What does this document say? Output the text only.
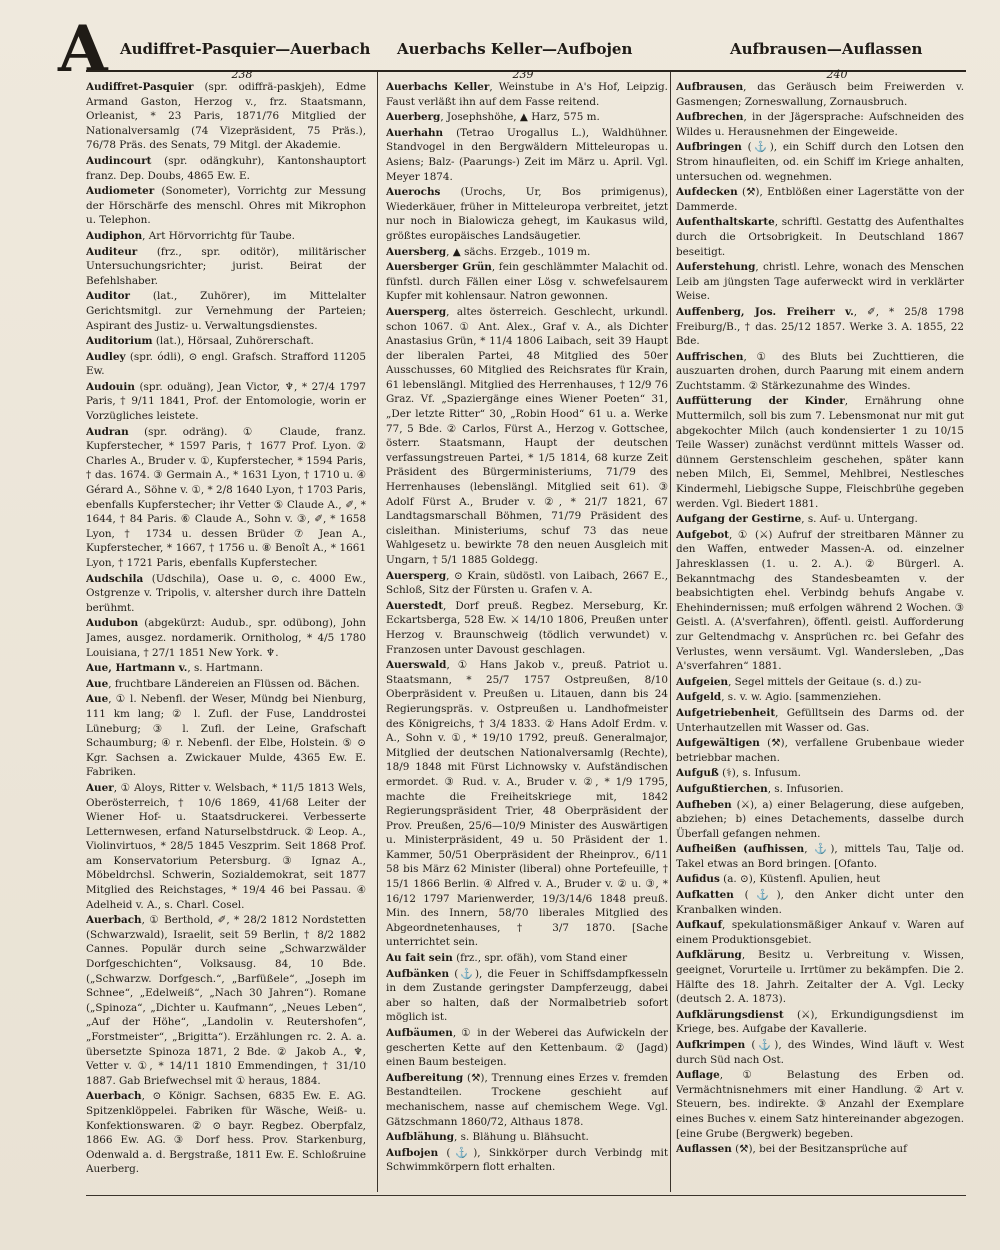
A Audiffret-Pasquier—Auerbach Auerbachs Keller—Aufbojen	Aufbrausen—Auflassen
238	239	240

Audiffret-Pasquier (spr. odiffrä-paskjeh), Edme Armand Gaston, Herzog v., frz. Staatsmann, Orleanist, * 23 Paris, 1871/76 Mitglied der Nationalversamlg (74 Vizepräsident, 75 Präs.), 76/78 Präs. des Senats, 79 Mitgl. der Akademie.

Audincourt (spr. odängkuhr), Kantonshauptort franz. Dep. Doubs, 4865 Ew. E.

Audiometer (Sonometer), Vorrichtg zur Messung der Hörschärfe des menschl. Ohres mit Mikrophon u. Telephon.

Audiphon, Art Hörvorrichtg für Taube.

Auditeur (frz., spr. oditör), militärischer Untersuchungsrichter; jurist. Beirat der Befehlshaber.

Auditor (lat., Zuhörer), im Mittelalter Gerichtsmitgl. zur Vernehmung der Parteien; Aspirant des Justiz- u. Verwaltungsdienstes.

Auditorium (lat.), Hörsaal, Zuhörerschaft.

Audley (spr. ódli), ⊙ engl. Grafsch. Strafford 11205 Ew.

Audouin (spr. oduäng), Jean Victor, ♆, * 27/4 1797 Paris, † 9/11 1841, Prof. der Entomologie, worin er Vorzügliches leistete.

Audran (spr. odräng). ① Claude, franz. Kupferstecher, * 1597 Paris, † 1677 Prof. Lyon. ② Charles A., Bruder v. ①, Kupferstecher, * 1594 Paris, † das. 1674. ③ Germain A., * 1631 Lyon, † 1710 u. ④ Gérard A., Söhne v. ①, * 2/8 1640 Lyon, † 1703 Paris, ebenfalls Kupferstecher; ihr Vetter ⑤ Claude A., ✐, * 1644, † 84 Paris. ⑥ Claude A., Sohn v. ③, ✐, * 1658 Lyon, † 1734 u. dessen Brüder ⑦ Jean A., Kupferstecher, * 1667, † 1756 u. ⑧ Benoît A., * 1661 Lyon, † 1721 Paris, ebenfalls Kupferstecher.

Audschila (Udschila), Oase u. ⊙, c. 4000 Ew., Ostgrenze v. Tripolis, v. altersher durch ihre Datteln berühmt.

Audubon (abgekürzt: Audub., spr. odübong), John James, ausgez. nordamerik. Ornitholog, * 4/5 1780 Louisiana, † 27/1 1851 New York. ♆.

Aue, Hartmann v., s. Hartmann.

Aue, fruchtbare Ländereien an Flüssen od. Bächen.

Aue, ① l. Nebenfl. der Weser, Mündg bei Nienburg, 111 km lang; ② l. Zufl. der Fuse, Landdrostei Lüneburg; ③ l. Zufl. der Leine, Grafschaft Schaumburg; ④ r. Nebenfl. der Elbe, Holstein. ⑤ ⊙ Kgr. Sachsen a. Zwickauer Mulde, 4365 Ew. E. Fabriken.

Auer, ① Aloys, Ritter v. Welsbach, * 11/5 1813 Wels, Oberösterreich, † 10/6 1869, 41/68 Leiter der Wiener Hof- u. Staatsdruckerei. Verbesserte Letternwesen, erfand Naturselbstdruck. ② Leop. A., Violinvirtuos, * 28/5 1845 Veszprim. Seit 1868 Prof. am Konservatorium Petersburg. ③ Ignaz A., Möbeldrchsl. Schwerin, Sozialdemokrat, seit 1877 Mitglied des Reichstages, * 19/4 46 bei Passau. ④ Adelheid v. A., s. Charl. Cosel.

Auerbach, ① Berthold, ✐, * 28/2 1812 Nordstetten (Schwarzwald), Israelit, seit 59 Berlin, † 8/2 1882 Cannes. Populär durch seine „Schwarzwälder Dorfgeschichten“, Volksausg. 84, 10 Bde. („Schwarzw. Dorfgesch.“, „Barfüßele“, „Joseph im Schnee“, „Edelweiß“, „Nach 30 Jahren“). Romane („Spinoza“, „Dichter u. Kaufmann“, „Neues Leben“, „Auf der Höhe“, „Landolin v. Reutershofen“, „Forstmeister“, „Brigitta“). Erzählungen rc. 2. A. a. übersetzte Spinoza 1871, 2 Bde. ② Jakob A., ♆, Vetter v. ①, * 14/11 1810 Emmendingen, † 31/10 1887. Gab Briefwechsel mit ① heraus, 1884.

Auerbach, ⊙ Königr. Sachsen, 6835 Ew. E. AG. Spitzenklöppelei. Fabriken für Wäsche, Weiß- u. Konfektionswaren. ② ⊙ bayr. Regbez. Oberpfalz, 1866 Ew. AG. ③ Dorf hess. Prov. Starkenburg, Odenwald a. d. Bergstraße, 1811 Ew. E. Schloßruine Auerberg.

Auerbachs Keller, Weinstube in A's Hof, Leipzig. Faust verläßt ihn auf dem Fasse reitend.

Auerberg, Josephshöhe, ▲ Harz, 575 m.

Auerhahn (Tetrao Urogallus L.), Waldhühner. Standvogel in den Bergwäldern Mitteleuropas u. Asiens; Balz- (Paarungs-) Zeit im März u. April. Vgl. Meyer 1874.

Auerochs (Urochs, Ur, Bos primigenus), Wiederkäuer, früher in Mitteleuropa verbreitet, jetzt nur noch in Bialowicza gehegt, im Kaukasus wild, größtes europäisches Landsäugetier.

Auersberg, ▲ sächs. Erzgeb., 1019 m.

Auersberger Grün, fein geschlämmter Malachit od. fünfstl. durch Fällen einer Lösg v. schwefelsaurem Kupfer mit kohlensaur. Natron gewonnen.

Auersperg, altes österreich. Geschlecht, urkundl. schon 1067. ① Ant. Alex., Graf v. A., als Dichter Anastasius Grün, * 11/4 1806 Laibach, seit 39 Haupt der liberalen Partei, 48 Mitglied des 50er Ausschusses, 60 Mitglied des Reichsrates für Krain, 61 lebenslängl. Mitglied des Herrenhauses, † 12/9 76 Graz. Vf. „Spaziergänge eines Wiener Poeten“ 31, „Der letzte Ritter“ 30, „Robin Hood“ 61 u. a. Werke 77, 5 Bde. ② Carlos, Fürst A., Herzog v. Gottschee, österr. Staatsmann, Haupt der deutschen verfassungstreuen Partei, * 1/5 1814, 68 kurze Zeit Präsident des Bürgerministeriums, 71/79 des Herrenhauses (lebenslängl. Mitglied seit 61). ③ Adolf Fürst A., Bruder v. ②, * 21/7 1821, 67 Landtagsmarschall Böhmen, 71/79 Präsident des cisleithan. Ministeriums, schuf 73 das neue Wahlgesetz u. bewirkte 78 den neuen Ausgleich mit Ungarn, † 5/1 1885 Goldegg.

Auersperg, ⊙ Krain, südöstl. von Laibach, 2667 E., Schloß, Sitz der Fürsten u. Grafen v. A.

Auerstedt, Dorf preuß. Regbez. Merseburg, Kr. Eckartsberga, 528 Ew. ⚔ 14/10 1806, Preußen unter Herzog v. Braunschweig (tödlich verwundet) v. Franzosen unter Davoust geschlagen.

Auerswald, ① Hans Jakob v., preuß. Patriot u. Staatsmann, * 25/7 1757 Ostpreußen, 8/10 Oberpräsident v. Preußen u. Litauen, dann bis 24 Regierungspräs. v. Ostpreußen u. Landhofmeister des Königreichs, † 3/4 1833. ② Hans Adolf Erdm. v. A., Sohn v. ①, * 19/10 1792, preuß. Generalmajor, Mitglied der deutschen Nationalversamlg (Rechte), 18/9 1848 mit Fürst Lichnowsky v. Aufständischen ermordet. ③ Rud. v. A., Bruder v. ②, * 1/9 1795, machte die Freiheitskriege mit, 1842 Regierungspräsident Trier, 48 Oberpräsident der Prov. Preußen, 25/6—10/9 Minister des Auswärtigen u. Ministerpräsident, 49 u. 50 Präsident der 1. Kammer, 50/51 Oberpräsident der Rheinprov., 6/11 58 bis März 62 Minister (liberal) ohne Portefeuille, † 15/1 1866 Berlin. ④ Alfred v. A., Bruder v. ② u. ③, * 16/12 1797 Marienwerder, 19/3/14/6 1848 preuß. Min. des Innern, 58/70 liberales Mitglied des Abgeordnetenhauses, † 3/7 1870. [Sache unterrichtet sein.

Au fait sein (frz., spr. ofäh), vom Stand einer

Aufbänken (⚓), die Feuer in Schiffsdampfkesseln in dem Zustande geringster Dampferzeugg, dabei aber so halten, daß der Normalbetrieb sofort möglich ist.

Aufbäumen, ① in der Weberei das Aufwickeln der gescherten Kette auf den Kettenbaum. ② (Jagd) einen Baum besteigen.

Aufbereitung (⚒), Trennung eines Erzes v. fremden Bestandteilen. Trockene geschieht auf mechanischem, nasse auf chemischem Wege. Vgl. Gätzschmann 1860/72, Althaus 1878.

Aufblähung, s. Blähung u. Blähsucht.

Aufbojen (⚓), Sinkkörper durch Verbindg mit Schwimmkörpern flott erhalten.

Aufbrausen, das Geräusch beim Freiwerden v. Gasmengen; Zorneswallung, Zornausbruch.

Aufbrechen, in der Jägersprache: Aufschneiden des Wildes u. Herausnehmen der Eingeweide.

Aufbringen (⚓), ein Schiff durch den Lotsen den Strom hinaufleiten, od. ein Schiff im Kriege anhalten, untersuchen od. wegnehmen.

Aufdecken (⚒), Entblößen einer Lagerstätte von der Dammerde.

Aufenthaltskarte, schriftl. Gestattg des Aufenthaltes durch die Ortsobrigkeit. In Deutschland 1867 beseitigt.

Auferstehung, christl. Lehre, wonach des Menschen Leib am jüngsten Tage auferweckt wird in verklärter Weise.

Auffenberg, Jos. Freiherr v., ✐, * 25/8 1798 Freiburg/B., † das. 25/12 1857. Werke 3. A. 1855, 22 Bde.

Auffrischen, ① des Bluts bei Zuchttieren, die auszuarten drohen, durch Paarung mit einem andern Zuchtstamm. ② Stärkezunahme des Windes.

Auffütterung der Kinder, Ernährung ohne Muttermilch, soll bis zum 7. Lebensmonat nur mit gut abgekochter Milch (auch kondensierter 1 zu 10/15 Teile Wasser) zunächst verdünnt mittels Wasser od. dünnem Gerstenschleim geschehen, später kann neben Milch, Ei, Semmel, Mehlbrei, Nestlesches Kindermehl, Liebigsche Suppe, Fleischbrühe gegeben werden. Vgl. Biedert 1881.

Aufgang der Gestirne, s. Auf- u. Untergang.

Aufgebot, ① (⚔) Aufruf der streitbaren Männer zu den Waffen, entweder Massen-A. od. einzelner Jahresklassen (1. u. 2. A.). ② Bürgerl. A. Bekanntmachg des Standesbeamten v. der beabsichtigten ehel. Verbindg behufs Angabe v. Ehehindernissen; muß erfolgen während 2 Wochen. ③ Geistl. A. (A'sverfahren), öffentl. geistl. Aufforderung zur Geltendmachg v. Ansprüchen rc. bei Gefahr des Verlustes, wenn versäumt. Vgl. Wandersleben, „Das A'sverfahren“ 1881.

Aufgeien, Segel mittels der Geitaue (s. d.) zu-

Aufgeld, s. v. w. Agio. [sammenziehen.

Aufgetriebenheit, Gefülltsein des Darms od. der Unterhautzellen mit Wasser od. Gas.

Aufgewältigen (⚒), verfallene Grubenbaue wieder betriebbar machen.

Aufguß (⚕), s. Infusum.

Aufgußtierchen, s. Infusorien.

Aufheben (⚔), a) einer Belagerung, diese aufgeben, abziehen; b) eines Detachements, dasselbe durch Überfall gefangen nehmen.

Aufheißen (aufhissen, ⚓), mittels Tau, Talje od. Takel etwas an Bord bringen. [Ofanto.

Aufidus (a. ⊙), Küstenfl. Apulien, heut

Aufkatten (⚓), den Anker dicht unter den Kranbalken winden.

Aufkauf, spekulationsmäßiger Ankauf v. Waren auf einem Produktionsgebiet.

Aufklärung, Besitz u. Verbreitung v. Wissen, geeignet, Vorurteile u. Irrtümer zu bekämpfen. Die 2. Hälfte des 18. Jahrh. Zeitalter der A. Vgl. Lecky (deutsch 2. A. 1873).

Aufklärungsdienst (⚔), Erkundigungsdienst im Kriege, bes. Aufgabe der Kavallerie.

Aufkrimpen (⚓), des Windes, Wind läuft v. West durch Süd nach Ost.

Auflage, ① Belastung des Erben od. Vermächtnisnehmers mit einer Handlung. ② Art v. Steuern, bes. indirekte. ③ Anzahl der Exemplare eines Buches v. einem Satz hintereinander abgezogen. [eine Grube (Bergwerk) begeben.

Auflassen (⚒), bei der Besitzansprüche auf
